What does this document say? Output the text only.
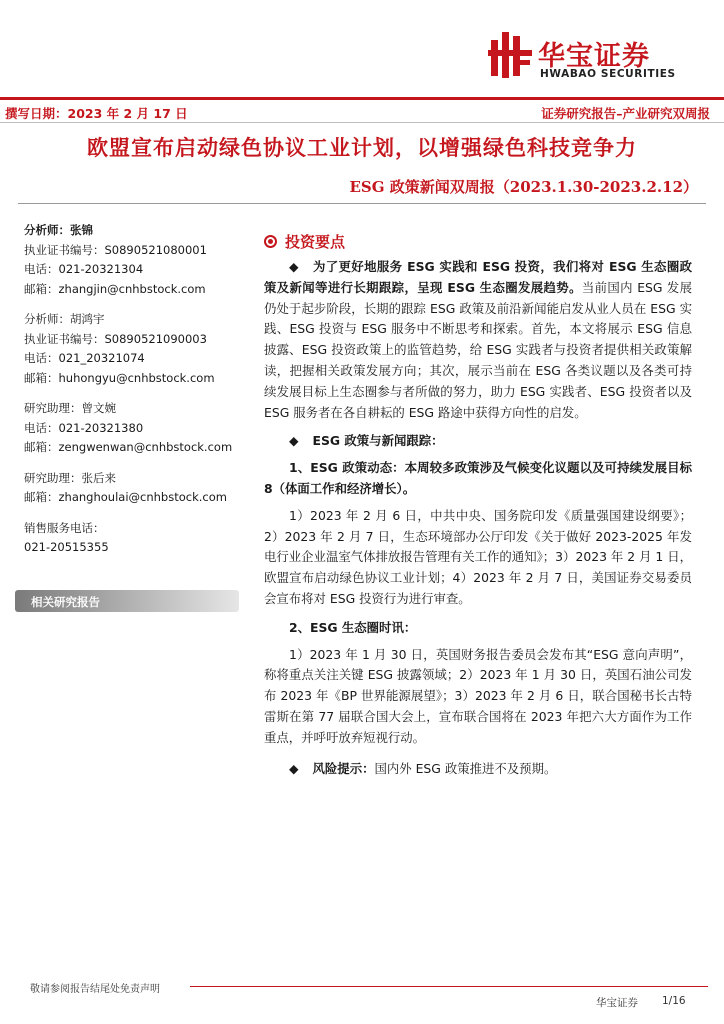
华宝证券
HWABAO SECURITIES
撰写日期：2023 年 2 月 17 日	证券研究报告–产业研究双周报
欧盟宣布启动绿色协议工业计划，以增强绿色科技竞争力
ESG 政策新闻双周报（2023.1.30-2023.2.12）
分析师：张锦
执业证书编号：S0890521080001
电话：021-20321304
邮箱：zhangjin@cnhbstock.com
分析师：胡鸿宇
执业证书编号：S0890521090003
电话：021_20321074
邮箱：huhongyu@cnhbstock.com
研究助理：曾文婉
电话：021-20321380
邮箱：zengwenwan@cnhbstock.com
研究助理：张后来
邮箱：zhanghoulai@cnhbstock.com
销售服务电话：
021-20515355
相关研究报告
投资要点

◆ 为了更好地服务 ESG 实践和 ESG 投资，我们将对 ESG 生态圈政策及新闻等进行长期跟踪，呈现 ESG 生态圈发展趋势。当前国内 ESG 发展仍处于起步阶段，长期的跟踪 ESG 政策及前沿新闻能启发从业人员在 ESG 实践、ESG 投资与 ESG 服务中不断思考和探索。首先，本文将展示 ESG 信息披露、ESG 投资政策上的监管趋势，给 ESG 实践者与投资者提供相关政策解读，把握相关政策发展方向；其次，展示当前在 ESG 各类议题以及各类可持续发展目标上生态圈参与者所做的努力，助力 ESG 实践者、ESG 投资者以及 ESG 服务者在各自耕耘的 ESG 路途中获得方向性的启发。

◆ ESG 政策与新闻跟踪：

1、ESG 政策动态：本周较多政策涉及气候变化议题以及可持续发展目标 8（体面工作和经济增长）。

1）2023 年 2 月 6 日，中共中央、国务院印发《质量强国建设纲要》；2）2023 年 2 月 7 日，生态环境部办公厅印发《关于做好 2023-2025 年发电行业企业温室气体排放报告管理有关工作的通知》；3）2023 年 2 月 1 日，欧盟宣布启动绿色协议工业计划；4）2023 年 2 月 7 日，美国证券交易委员会宣布将对 ESG 投资行为进行审查。

2、ESG 生态圈时讯：

1）2023 年 1 月 30 日，英国财务报告委员会发布其“ESG 意向声明”，称将重点关注关键 ESG 披露领域；2）2023 年 1 月 30 日，英国石油公司发布 2023 年《BP 世界能源展望》；3）2023 年 2 月 6 日，联合国秘书长古特雷斯在第 77 届联合国大会上，宣布联合国将在 2023 年把六大方面作为工作重点，并呼吁放弃短视行动。

◆ 风险提示：国内外 ESG 政策推进不及预期。

敬请参阅报告结尾处免责声明
华宝证券 1/16
